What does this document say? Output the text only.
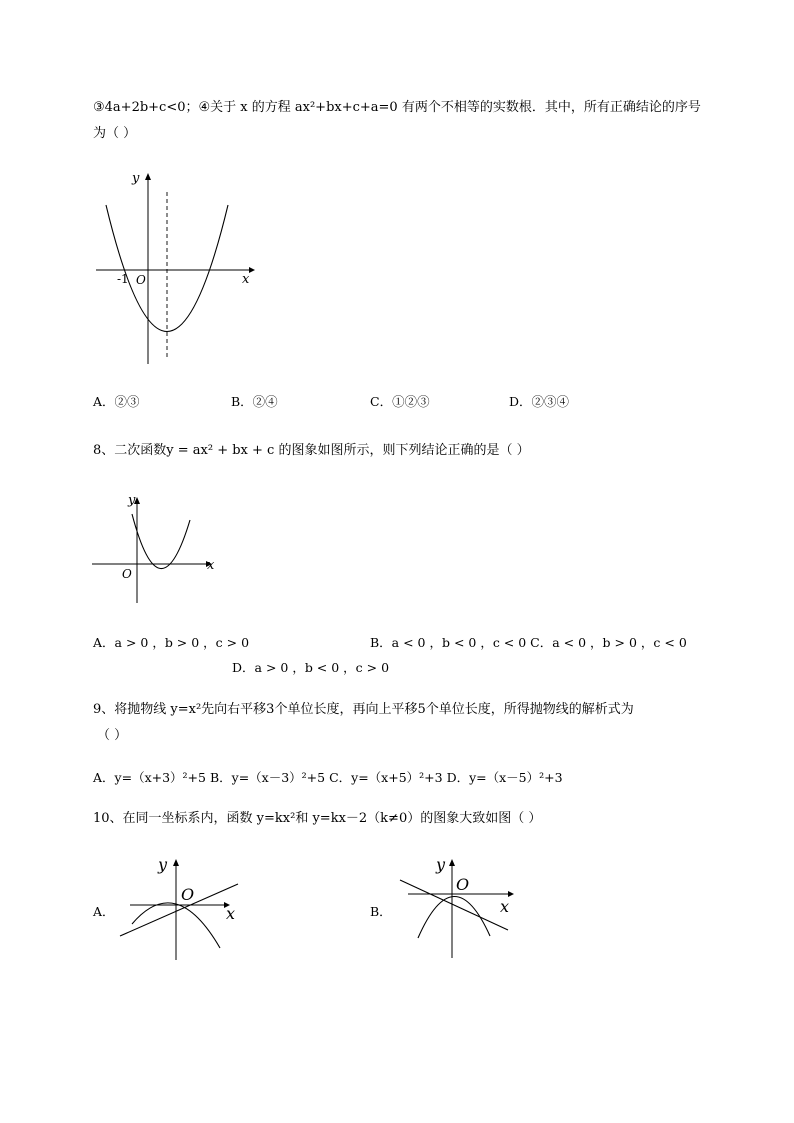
③4a+2b+c<0；④关于 x 的方程 ax²+bx+c+a=0 有两个不相等的实数根．其中，所有正确结论的序号
为（ ）
y
x
-1 O
A．②③	B．②④	C．①②③	D．②③④
8、二次函数y = ax² + bx + c 的图象如图所示，则下列结论正确的是（ ）
y
x
O
A．a > 0 ，b > 0 ，c > 0	B．a < 0 ，b < 0 ，c < 0 C．a < 0 ，b > 0 ，c < 0
D．a > 0 ，b < 0 ，c > 0
9、将抛物线 y=x²先向右平移3个单位长度，再向上平移5个单位长度，所得抛物线的解析式为
（ ）
A．y=（x+3）²+5 B．y=（x－3）²+5 C．y=（x+5）²+3 D．y=（x－5）²+3
10、在同一坐标系内，函数 y=kx²和 y=kx－2（k≠0）的图象大致如图（ ）
A．
y
x
O
B．
y
x
O
